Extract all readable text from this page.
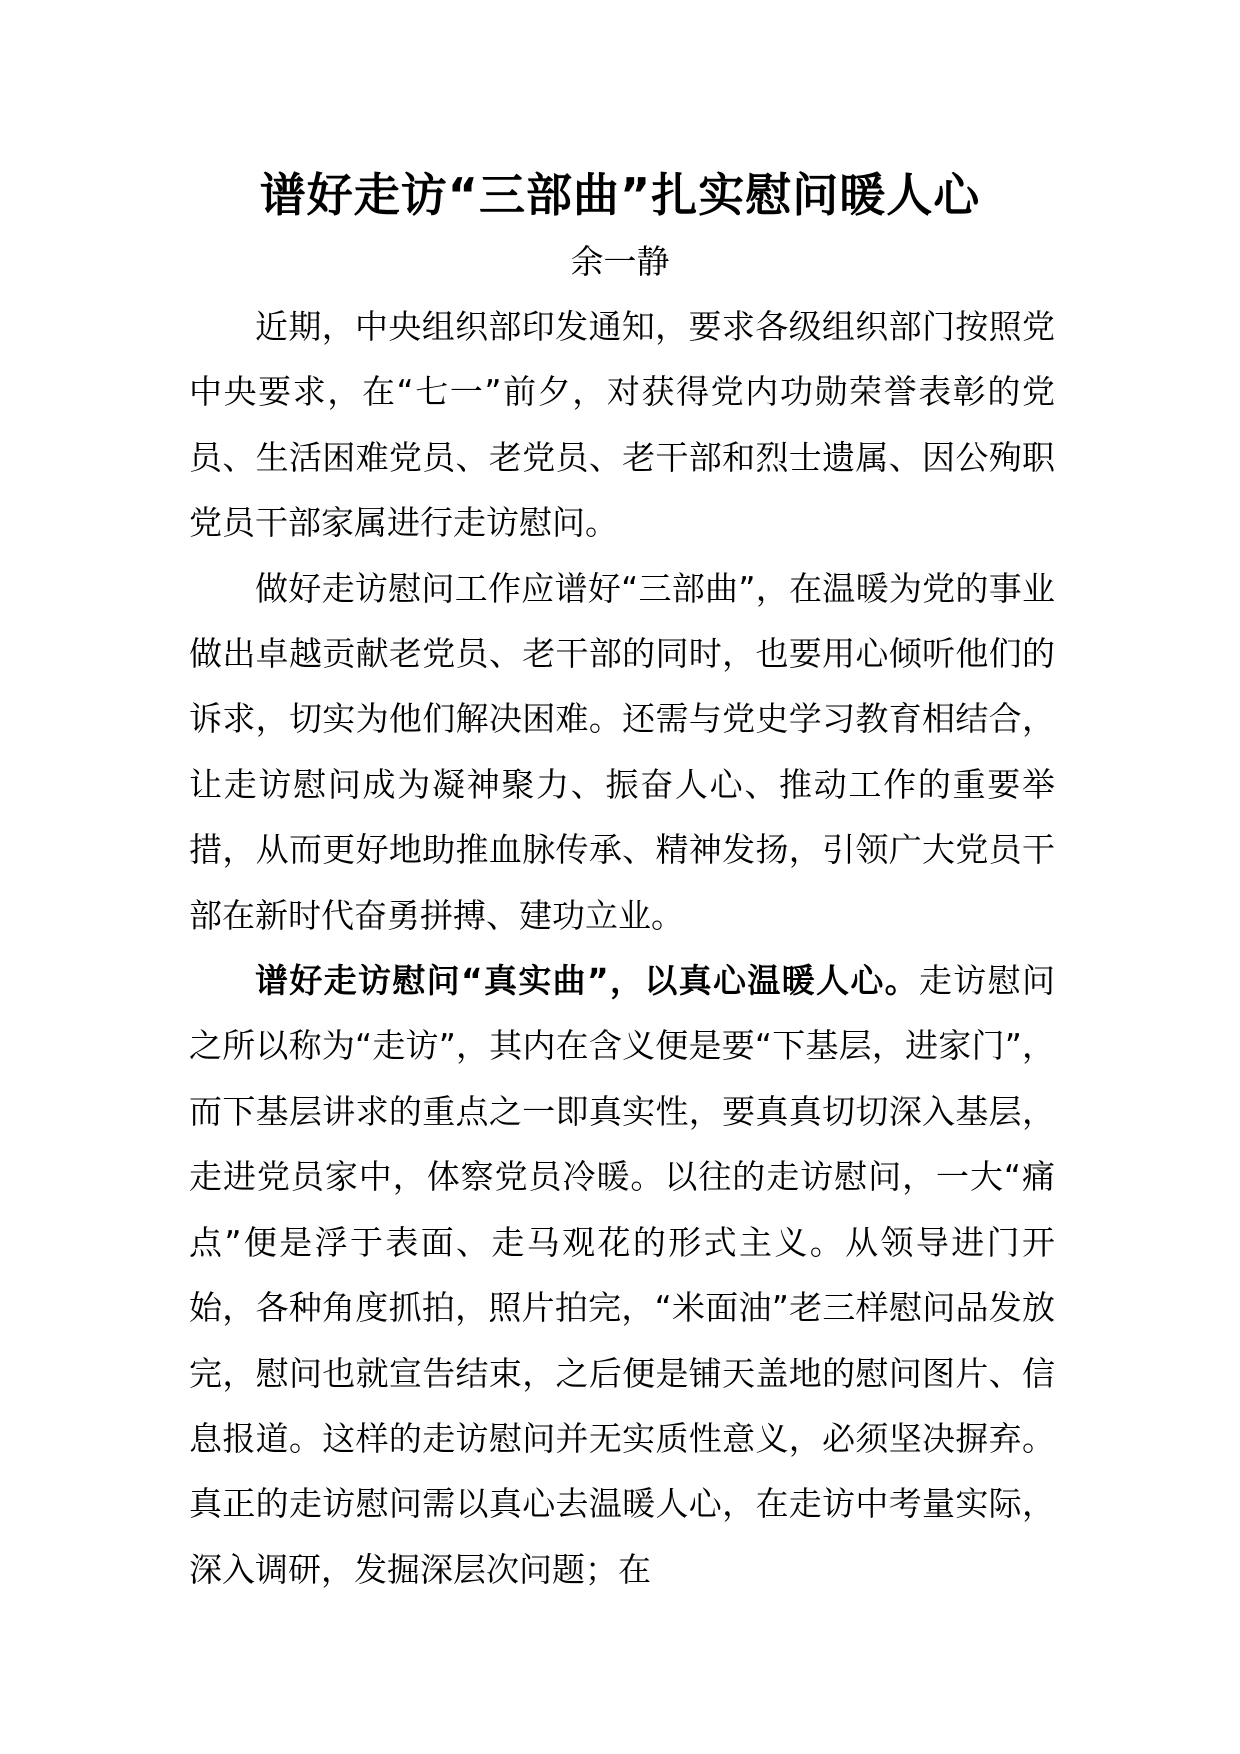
谱好走访“三部曲”扎实慰问暖人心
余一静

近期，中央组织部印发通知，要求各级组织部门按照党中央要求，在“七一”前夕，对获得党内功勋荣誉表彰的党员、生活困难党员、老党员、老干部和烈士遗属、因公殉职党员干部家属进行走访慰问。

做好走访慰问工作应谱好“三部曲”，在温暖为党的事业做出卓越贡献老党员、老干部的同时，也要用心倾听他们的诉求，切实为他们解决困难。还需与党史学习教育相结合，让走访慰问成为凝神聚力、振奋人心、推动工作的重要举措，从而更好地助推血脉传承、精神发扬，引领广大党员干部在新时代奋勇拼搏、建功立业。

谱好走访慰问“真实曲”，以真心温暖人心。走访慰问之所以称为“走访”，其内在含义便是要“下基层，进家门”，而下基层讲求的重点之一即真实性，要真真切切深入基层，走进党员家中，体察党员冷暖。以往的走访慰问，一大“痛点”便是浮于表面、走马观花的形式主义。从领导进门开始，各种角度抓拍，照片拍完，“米面油”老三样慰问品发放完，慰问也就宣告结束，之后便是铺天盖地的慰问图片、信息报道。这样的走访慰问并无实质性意义，必须坚决摒弃。真正的走访慰问需以真心去温暖人心，在走访中考量实际，深入调研，发掘深层次问题；在
